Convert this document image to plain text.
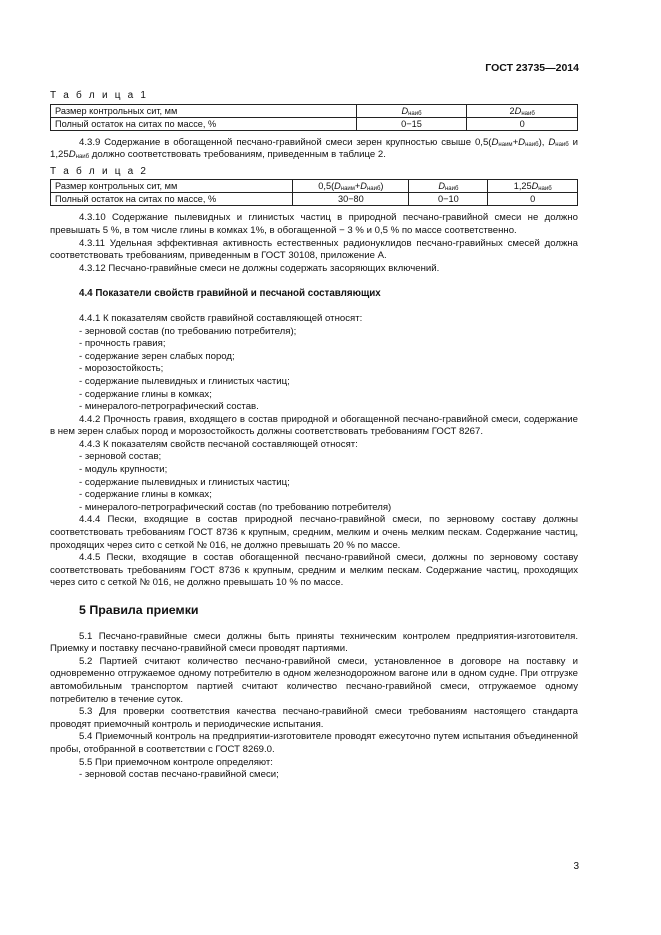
ГОСТ 23735—2014
Т а б л и ц а 1
Размер контрольных сит, мм	$D_{наиб}$	$2D_{наиб}$
Полный остаток на ситах по массе, %	0−15	0

4.3.9 Содержание в обогащенной песчано-гравийной смеси зерен крупностью свыше $0,5(D_{наим}+D_{наиб})$, $D_{наиб}$ и $1,25D_{наиб}$ должно соответствовать требованиям, приведенным в таблице 2.

Т а б л и ц а 2
Размер контрольных сит, мм	$0,5(D_{наим}+D_{наиб})$	$D_{наиб}$	$1,25D_{наиб}$
Полный остаток на ситах по массе, %	30−80	0−10	0

4.3.10 Содержание пылевидных и глинистых частиц в природной песчано-гравийной смеси не должно превышать 5 %, в том числе глины в комках 1%, в обогащенной − 3 % и 0,5 % по массе соответственно.

4.3.11 Удельная эффективная активность естественных радионуклидов песчано-гравийных смесей должна соответствовать требованиям, приведенным в ГОСТ 30108, приложение А.

4.3.12 Песчано-гравийные смеси не должны содержать засоряющих включений.

4.4 Показатели свойств гравийной и песчаной составляющих

4.4.1 К показателям свойств гравийной составляющей относят:

- зерновой состав (по требованию потребителя);

- прочность гравия;

- содержание зерен слабых пород;

- морозостойкость;

- содержание пылевидных и глинистых частиц;

- содержание глины в комках;

- минералого-петрографический состав.

4.4.2 Прочность гравия, входящего в состав природной и обогащенной песчано-гравийной смеси, содержание в нем зерен слабых пород и морозостойкость должны соответствовать требованиям ГОСТ 8267.

4.4.3 К показателям свойств песчаной составляющей относят:

- зерновой состав;

- модуль крупности;

- содержание пылевидных и глинистых частиц;

- содержание глины в комках;

- минералого-петрографический состав (по требованию потребителя)

4.4.4 Пески, входящие в состав природной песчано-гравийной смеси, по зерновому составу должны соответствовать требованиям ГОСТ 8736 к крупным, средним, мелким и очень мелким пескам. Содержание частиц, проходящих через сито с сеткой № 016, не должно превышать 20 % по массе.

4.4.5 Пески, входящие в состав обогащенной песчано-гравийной смеси, должны по зерновому составу соответствовать требованиям ГОСТ 8736 к крупным, средним и мелким пескам. Содержание частиц, проходящих через сито с сеткой № 016, не должно превышать 10 % по массе.

5 Правила приемки

5.1 Песчано-гравийные смеси должны быть приняты техническим контролем предприятия-изготовителя. Приемку и поставку песчано-гравийной смеси проводят партиями.

5.2 Партией считают количество песчано-гравийной смеси, установленное в договоре на поставку и одновременно отгружаемое одному потребителю в одном железнодорожном вагоне или в одном судне. При отгрузке автомобильным транспортом партией считают количество песчано-гравийной смеси, отгружаемое одному потребителю в течение суток.

5.3 Для проверки соответствия качества песчано-гравийной смеси требованиям настоящего стандарта проводят приемочный контроль и периодические испытания.

5.4 Приемочный контроль на предприятии-изготовителе проводят ежесуточно путем испытания объединенной пробы, отобранной в соответствии с ГОСТ 8269.0.

5.5 При приемочном контроле определяют:

- зерновой состав песчано-гравийной смеси;

3
